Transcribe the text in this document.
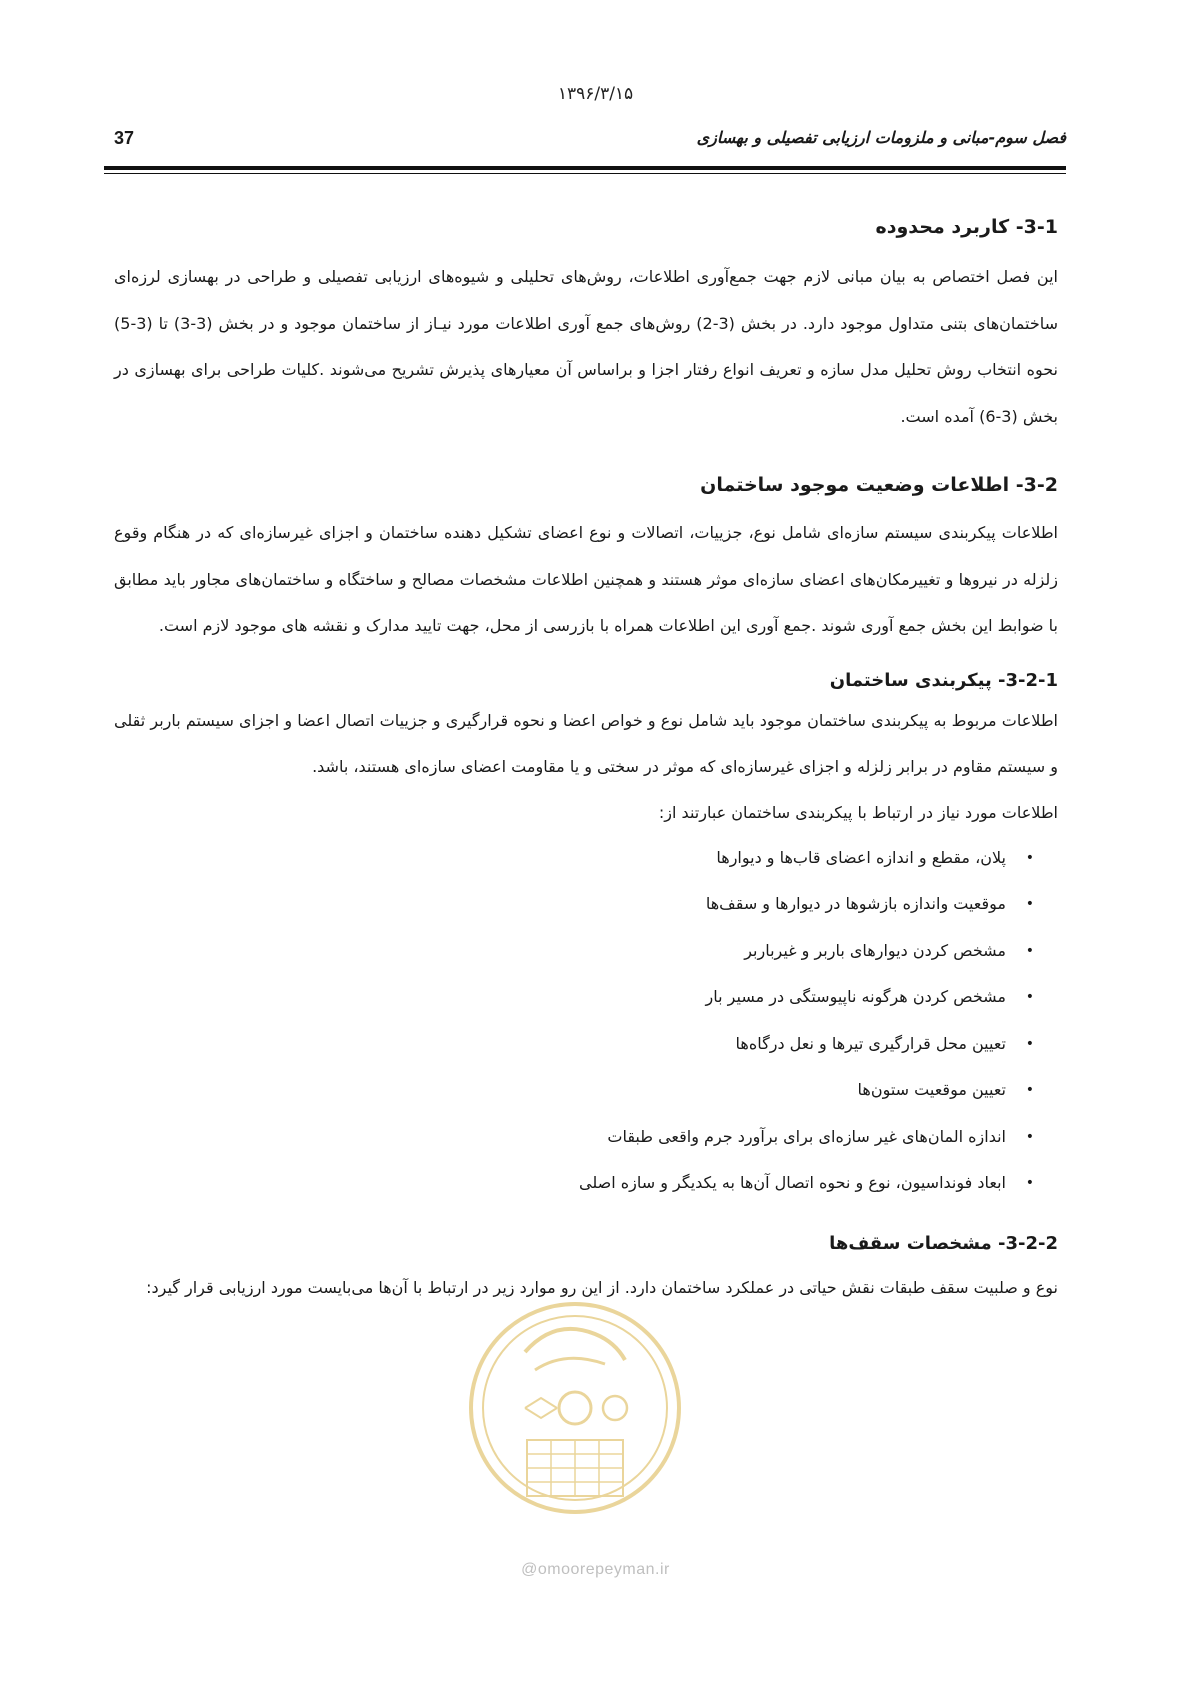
۱۳۹۶/۳/۱۵
37	فصل سوم-مبانی و ملزومات ارزیابی تفصیلی و بهسازی
3-1- کاربرد محدوده

این فصل اختصاص به بیان مبانی لازم جهت جمع‌آوری اطلاعات، روش‌های تحلیلی و شیوه‌های ارزیابی تفصیلی و طراحی در بهسازی لرزه‌ای ساختمان‌های بتنی متداول موجود دارد. در بخش (3-2) روش‌های جمع آوری اطلاعات مورد نیـاز از ساختمان موجود و در بخش (3-3) تا (3-5) نحوه انتخاب روش تحلیل مدل سازه و تعریف انواع رفتار اجزا و براساس آن معیارهای پذیرش تشریح می‌شوند .کلیات طراحی برای بهسازی در بخش (3-6) آمده است.

3-2- اطلاعات وضعیت موجود ساختمان

اطلاعات پیکربندی سیستم سازه‌ای شامل نوع، جزییات، اتصالات و نوع اعضای تشکیل دهنده ساختمان و اجزای غیرسازه‌ای که در هنگام وقوع زلزله در نیروها و تغییرمکان‌های اعضای سازه‌ای موثر هستند و همچنین اطلاعات مشخصات مصالح و ساختگاه و ساختمان‌های مجاور باید مطابق با ضوابط این بخش جمع آوری شوند .جمع آوری این اطلاعات همراه با بازرسی از محل، جهت تایید مدارک و نقشه های موجود لازم است.

3-2-1- پیکربندی ساختمان

اطلاعات مربوط به پیکربندی ساختمان موجود باید شامل نوع و خواص اعضا و نحوه قرارگیری و جزییات اتصال اعضا و اجزای سیستم باربر ثقلی و سیستم مقاوم در برابر زلزله و اجزای غیرسازه‌ای که موثر در سختی و یا مقاومت اعضای سازه‌ای هستند، باشد.

اطلاعات مورد نیاز در ارتباط با پیکربندی ساختمان عبارتند از:

•
پلان، مقطع و اندازه اعضای قاب‌ها و دیوارها
•
موقعیت واندازه بازشوها در دیوارها و سقف‌ها
•
مشخص کردن دیوارهای باربر و غیرباربر
•
مشخص کردن هرگونه ناپیوستگی در مسیر بار
•
تعیین محل قرارگیری تیرها و نعل درگاه‌ها
•
تعیین موقعیت ستون‌ها
•
اندازه المان‌های غیر سازه‌ای برای برآورد جرم واقعی طبقات
•
ابعاد فونداسیون، نوع و نحوه اتصال آن‌ها به یکدیگر و سازه اصلی
3-2-2- مشخصات سقف‌ها

نوع و صلبیت سقف طبقات نقش حیاتی در عملکرد ساختمان دارد. از این رو موارد زیر در ارتباط با آن‌ها می‌بایست مورد ارزیابی قرار گیرد:

@omoorepeyman.ir
